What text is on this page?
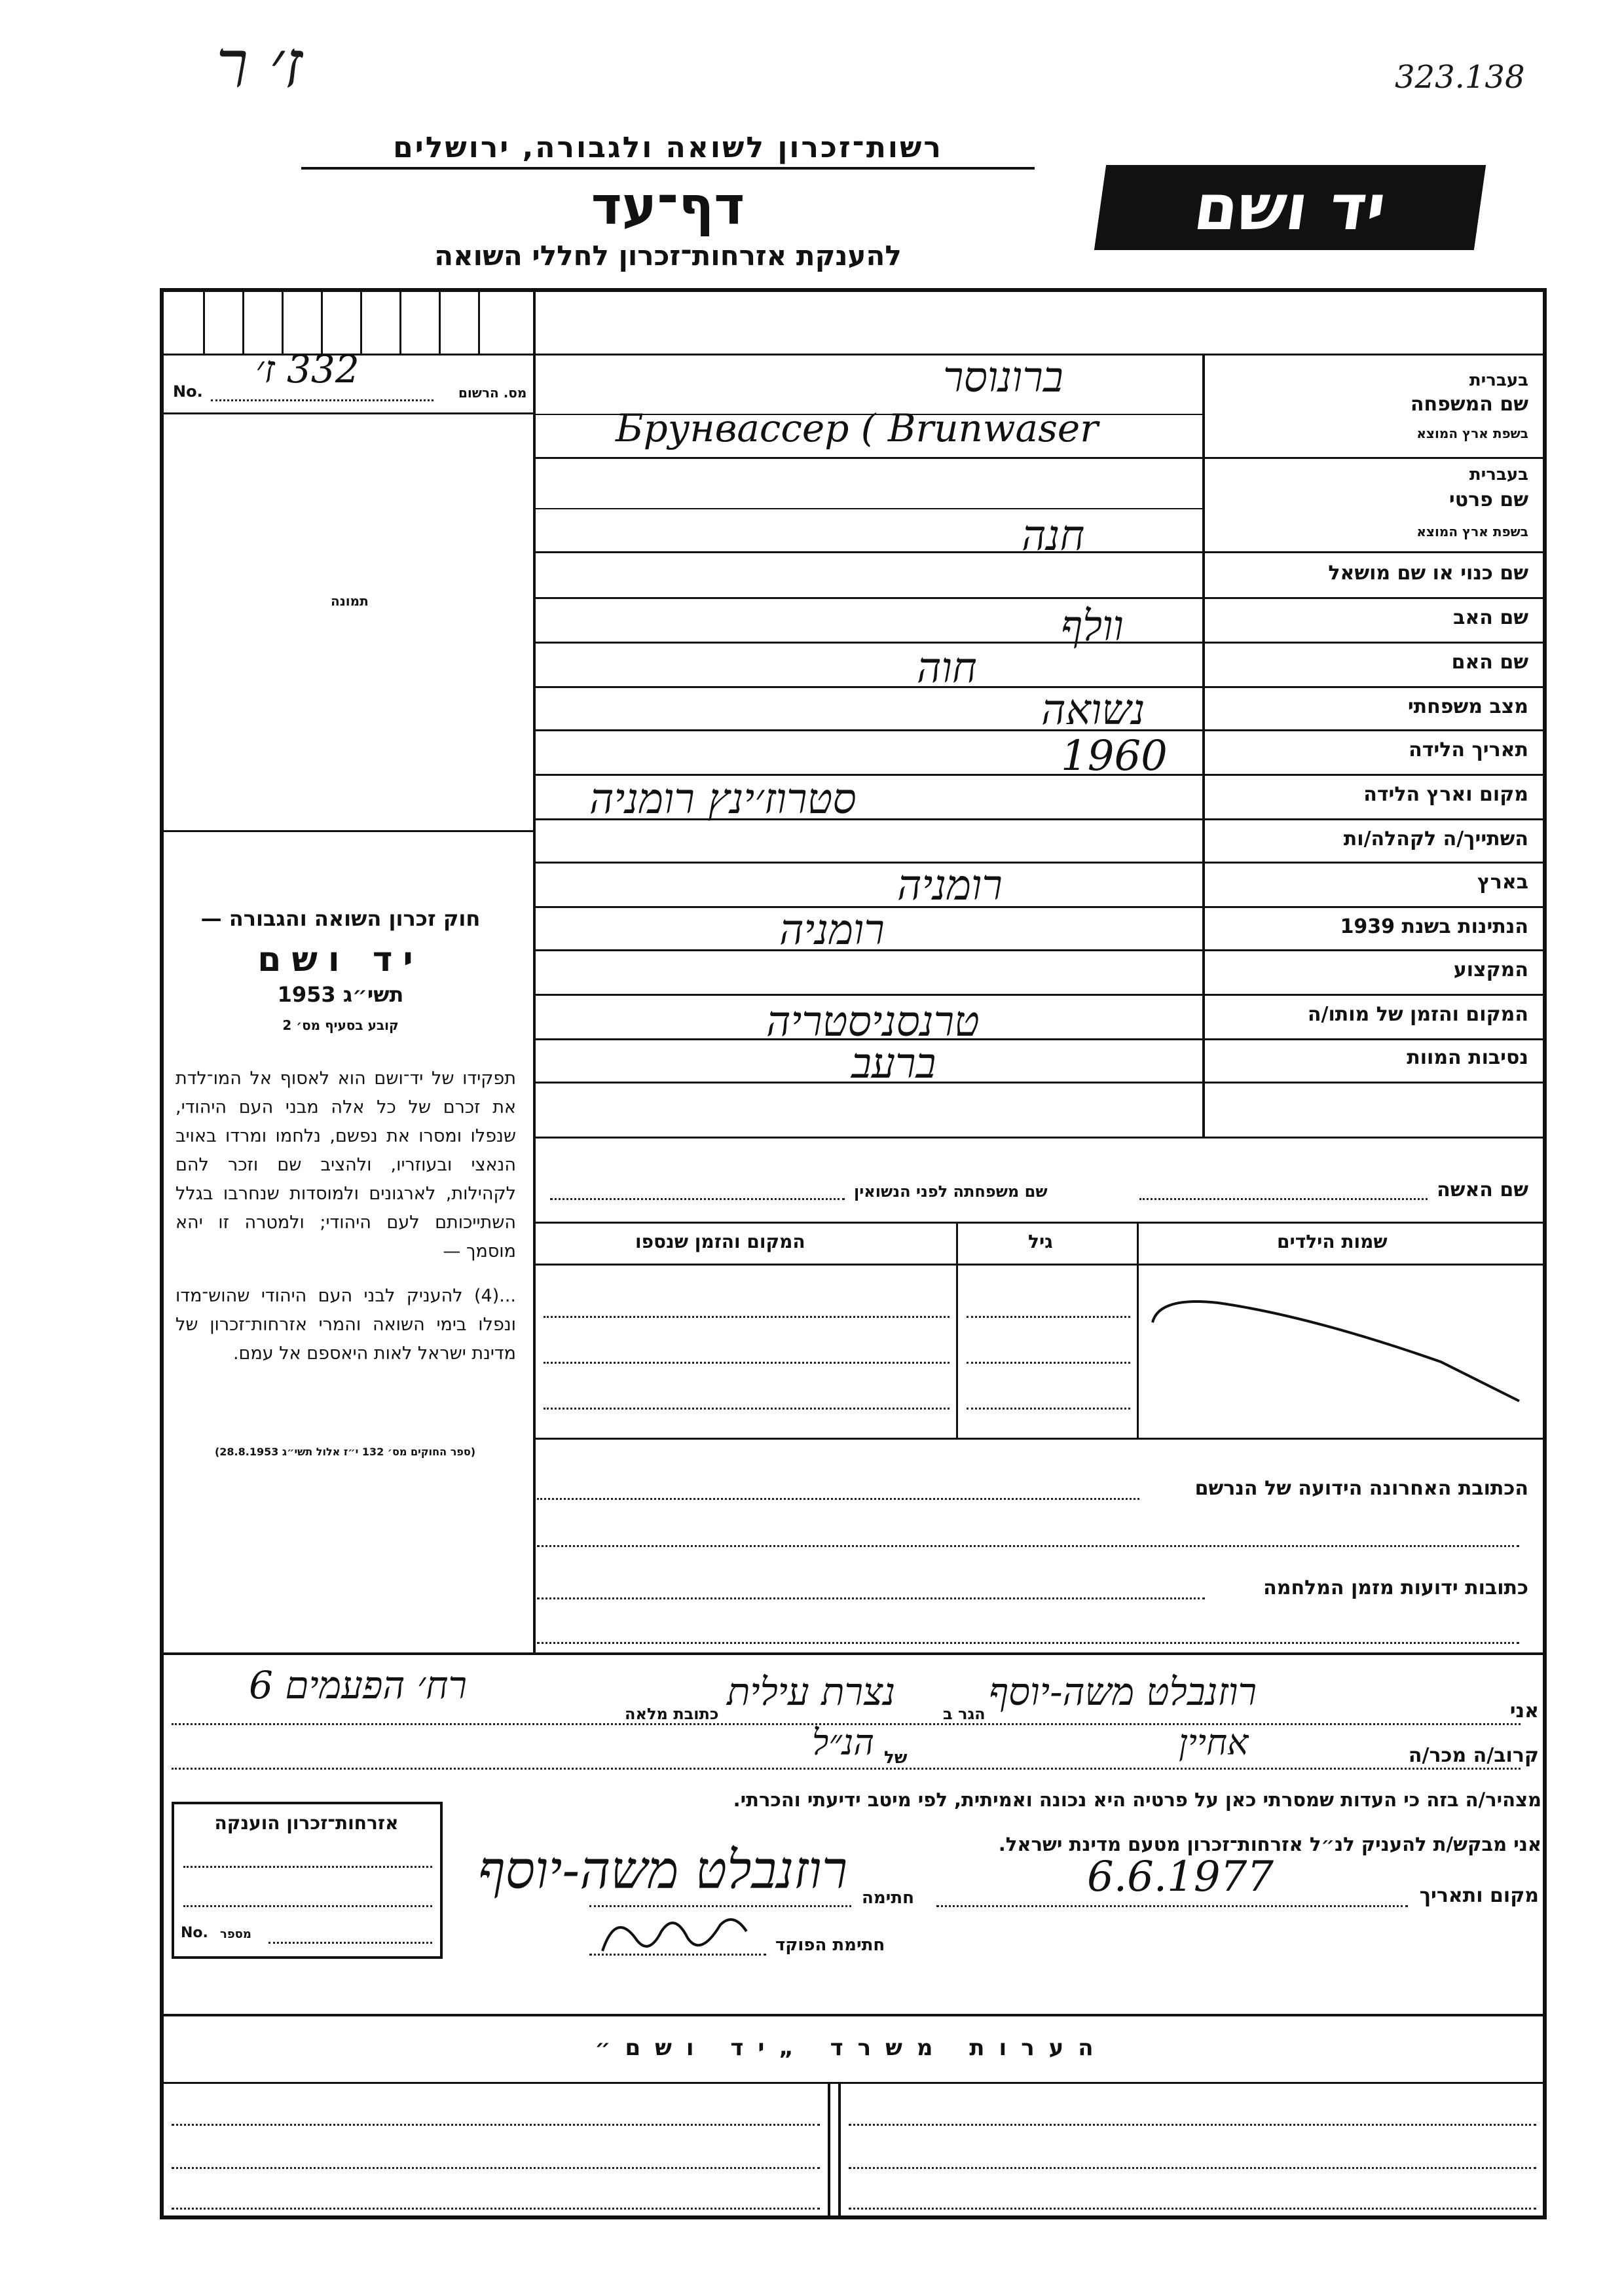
ז׳ ר	323.138
רשות־זכרון לשואה ולגבורה, ירושלים
דף־עד
להענקת אזרחות־זכרון לחללי השואה
יד ושם
מס. הרשום
No. 332 ז׳
תמונה
חוק זכרון השואה והגבורה —
יד ושם
תשי״ג 1953
קובע בסעיף מס׳ 2
תפקידו של יד־ושם הוא לאסוף אל המו־לדת את זכרם של כל אלה מבני העם היהודי, שנפלו ומסרו את נפשם, נלחמו ומרדו באויב הנאצי ובעוזריו, ולהציב שם וזכר להם לקהילות, לארגונים ולמוסדות שנחרבו בגלל השתייכותם לעם היהודי; ולמטרה זו יהא מוסמך —
...(4) להעניק לבני העם היהודי שהוש־מדו ונפלו בימי השואה והמרי אזרחות־זכרון של מדינת ישראל לאות היאספם אל עמם.
(ספר החוקים מס׳ 132 י״ז אלול תשי״ג 28.8.1953)
שם המשפחה
בעברית
בשפת ארץ המוצא
ברונוסר
Брунвассер ( Brunwaser
שם פרטי
בעברית
בשפת ארץ המוצא
חנה
שם כנוי או שם מושאל
שם האב
וולף
שם האם
חוה
מצב משפחתי
נשואה
תאריך הלידה
1960
מקום וארץ הלידה
סטרוז׳ינץ רומניה
השתייך/ה לקהלה/ות
בארץ
רומניה
הנתינות בשנת 1939
רומניה
המקצוע
המקום והזמן של מותו/ה
טרנסניסטריה
נסיבות המוות
ברעב
שם האשה
שם משפחתה לפני הנשואין
שמות הילדים
גיל
המקום והזמן שנספו
הכתובת האחרונה הידועה של הנרשם
כתובות ידועות מזמן המלחמה
אני
רוזנבלט משה-יוסף
הגר ב
נצרת עילית
כתובת מלאה
רח׳ הפעמים 6
קרוב/ה מכר/ה
אחיין
של
הנ״ל
מצהיר/ה בזה כי העדות שמסרתי כאן על פרטיה היא נכונה ואמיתית, לפי מיטב ידיעתי והכרתי.
אני מבקש/ת להעניק לנ״ל אזרחות־זכרון מטעם מדינת ישראל.
מקום ותאריך
6.6.1977
חתימה
רוזנבלט משה-יוסף
חתימת הפוקד
אזרחות־זכרון הוענקה
No. מספר
הערות משרד „יד ושם״
